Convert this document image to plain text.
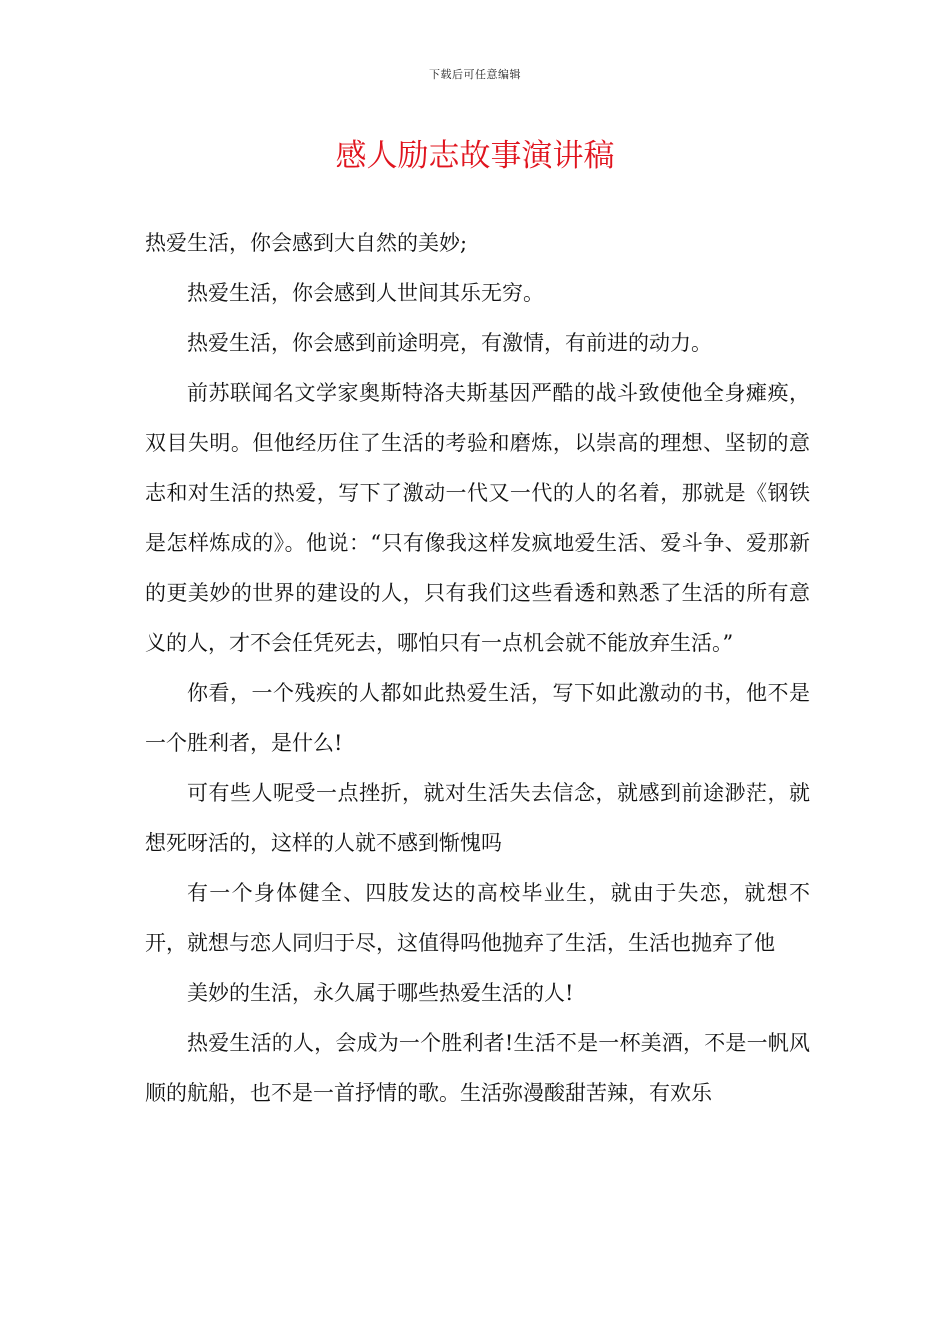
下载后可任意编辑
感人励志故事演讲稿

热爱生活，你会感到大自然的美妙;

热爱生活，你会感到人世间其乐无穷。

热爱生活，你会感到前途明亮，有激情，有前进的动力。

前苏联闻名文学家奥斯特洛夫斯基因严酷的战斗致使他全身瘫痪，双目失明。但他经历住了生活的考验和磨炼，以崇高的理想、坚韧的意志和对生活的热爱，写下了激动一代又一代的人的名着，那就是《钢铁是怎样炼成的》。他说：“只有像我这样发疯地爱生活、爱斗争、爱那新的更美妙的世界的建设的人，只有我们这些看透和熟悉了生活的所有意义的人，才不会任凭死去，哪怕只有一点机会就不能放弃生活。”

你看，一个残疾的人都如此热爱生活，写下如此激动的书，他不是一个胜利者，是什么!

可有些人呢受一点挫折，就对生活失去信念，就感到前途渺茫，就想死呀活的，这样的人就不感到惭愧吗

有一个身体健全、四肢发达的高校毕业生，就由于失恋，就想不开，就想与恋人同归于尽，这值得吗他抛弃了生活，生活也抛弃了他

美妙的生活，永久属于哪些热爱生活的人!

热爱生活的人，会成为一个胜利者!生活不是一杯美酒，不是一帆风顺的航船，也不是一首抒情的歌。生活弥漫酸甜苦辣，有欢乐
